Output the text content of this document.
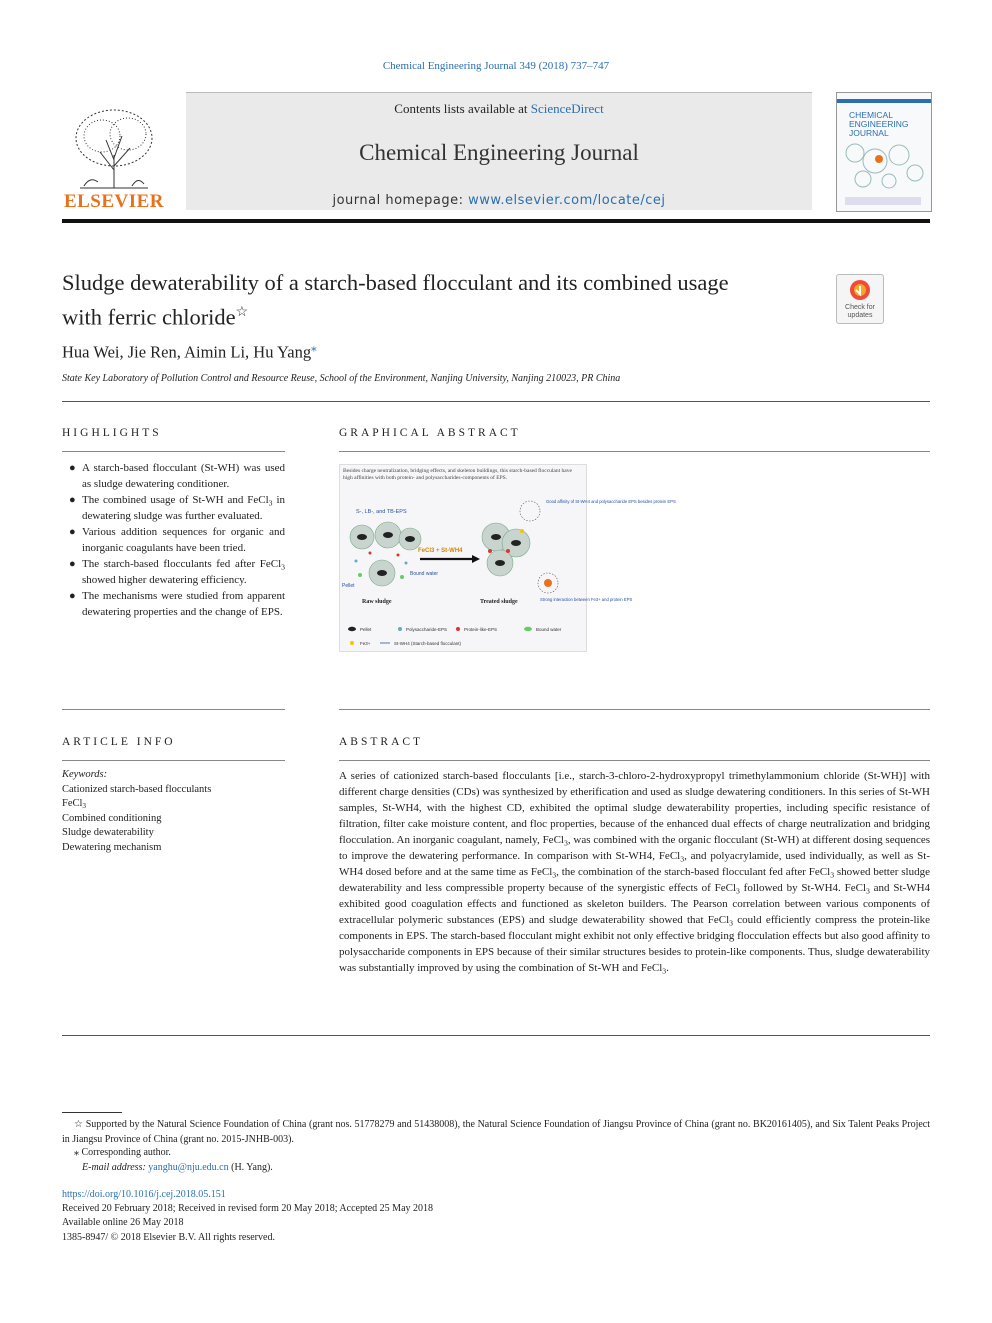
Chemical Engineering Journal 349 (2018) 737–747
ELSEVIER
Contents lists available at ScienceDirect
Chemical Engineering Journal
journal homepage: www.elsevier.com/locate/cej
CHEMICAL
ENGINEERING
JOURNAL
Sludge dewaterability of a starch-based flocculant and its combined usage
with ferric chloride☆	Check for
updates
Hua Wei, Jie Ren, Aimin Li, Hu Yang⁎
State Key Laboratory of Pollution Control and Resource Reuse, School of the Environment, Nanjing University, Nanjing 210023, PR China
HIGHLIGHTS
● A starch-based flocculant (St-WH) was used as sludge dewatering conditioner.
● The combined usage of St-WH and FeCl$_3$ in dewatering sludge was further evaluated.
● Various addition sequences for organic and inorganic coagulants have been tried.
● The starch-based flocculants fed after FeCl$_3$ showed higher dewatering efficiency.
● The mechanisms were studied from apparent dewatering properties and the change of EPS.
GRAPHICAL ABSTRACT
Besides charge neutralization, bridging effects, and skeleton buildings, this starch-based flocculant have high affinities with both protein- and polysaccharides-components of EPS.
S-, LB-, and TB-EPS
Bound water
Pellet
Raw sludge
FeCl3 + St-WH4
Good affinity of St-WH4 and polysaccharide EPS besides protein EPS
Treated sludge	Strong interaction between Fe3+ and protein EPS
Pellet	Polysaccharide-EPS	Protein-like-EPS	Bound water
Fe3+	St-WH4 (Starch-based flocculant)
ARTICLE INFO
Keywords:
Cationized starch-based flocculants
FeCl$_3$
Combined conditioning
Sludge dewaterability
Dewatering mechanism
ABSTRACT
A series of cationized starch-based flocculants [i.e., starch-3-chloro-2-hydroxypropyl trimethylammonium chloride (St-WH)] with different charge densities (CDs) was synthesized by etherification and used as sludge dewatering conditioners. In this series of St-WH samples, St-WH4, with the highest CD, exhibited the optimal sludge dewaterability properties, including specific resistance of filtration, filter cake moisture content, and floc properties, because of the enhanced dual effects of charge neutralization and bridging flocculation. An inorganic coagulant, namely, FeCl$_3$, was combined with the organic flocculant (St-WH) at different dosing sequences to improve the dewatering performance. In comparison with St-WH4, FeCl$_3$, and polyacrylamide, used individually, as well as St-WH4 dosed before and at the same time as FeCl$_3$, the combination of the starch-based flocculant fed after FeCl$_3$ showed better sludge dewaterability and less compressible property because of the synergistic effects of FeCl$_3$ followed by St-WH4. FeCl$_3$ and St-WH4 exhibited good coagulation effects and functioned as skeleton builders. The Pearson correlation between various components of extracellular polymeric substances (EPS) and sludge dewaterability showed that FeCl$_3$ could efficiently compress the protein-like components in EPS. The starch-based flocculant might exhibit not only effective bridging flocculation effects but also good affinity to polysaccharide components in EPS because of their similar structures besides to protein-like components. Thus, sludge dewaterability was substantially improved by using the combination of St-WH and FeCl$_3$.
☆ Supported by the Natural Science Foundation of China (grant nos. 51778279 and 51438008), the Natural Science Foundation of Jiangsu Province of China (grant no. BK20161405), and Six Talent Peaks Project in Jiangsu Province of China (grant no. 2015-JNHB-003).
⁎ Corresponding author.
E-mail address: yanghu@nju.edu.cn (H. Yang).
https://doi.org/10.1016/j.cej.2018.05.151
Received 20 February 2018; Received in revised form 20 May 2018; Accepted 25 May 2018
Available online 26 May 2018
1385-8947/ © 2018 Elsevier B.V. All rights reserved.
